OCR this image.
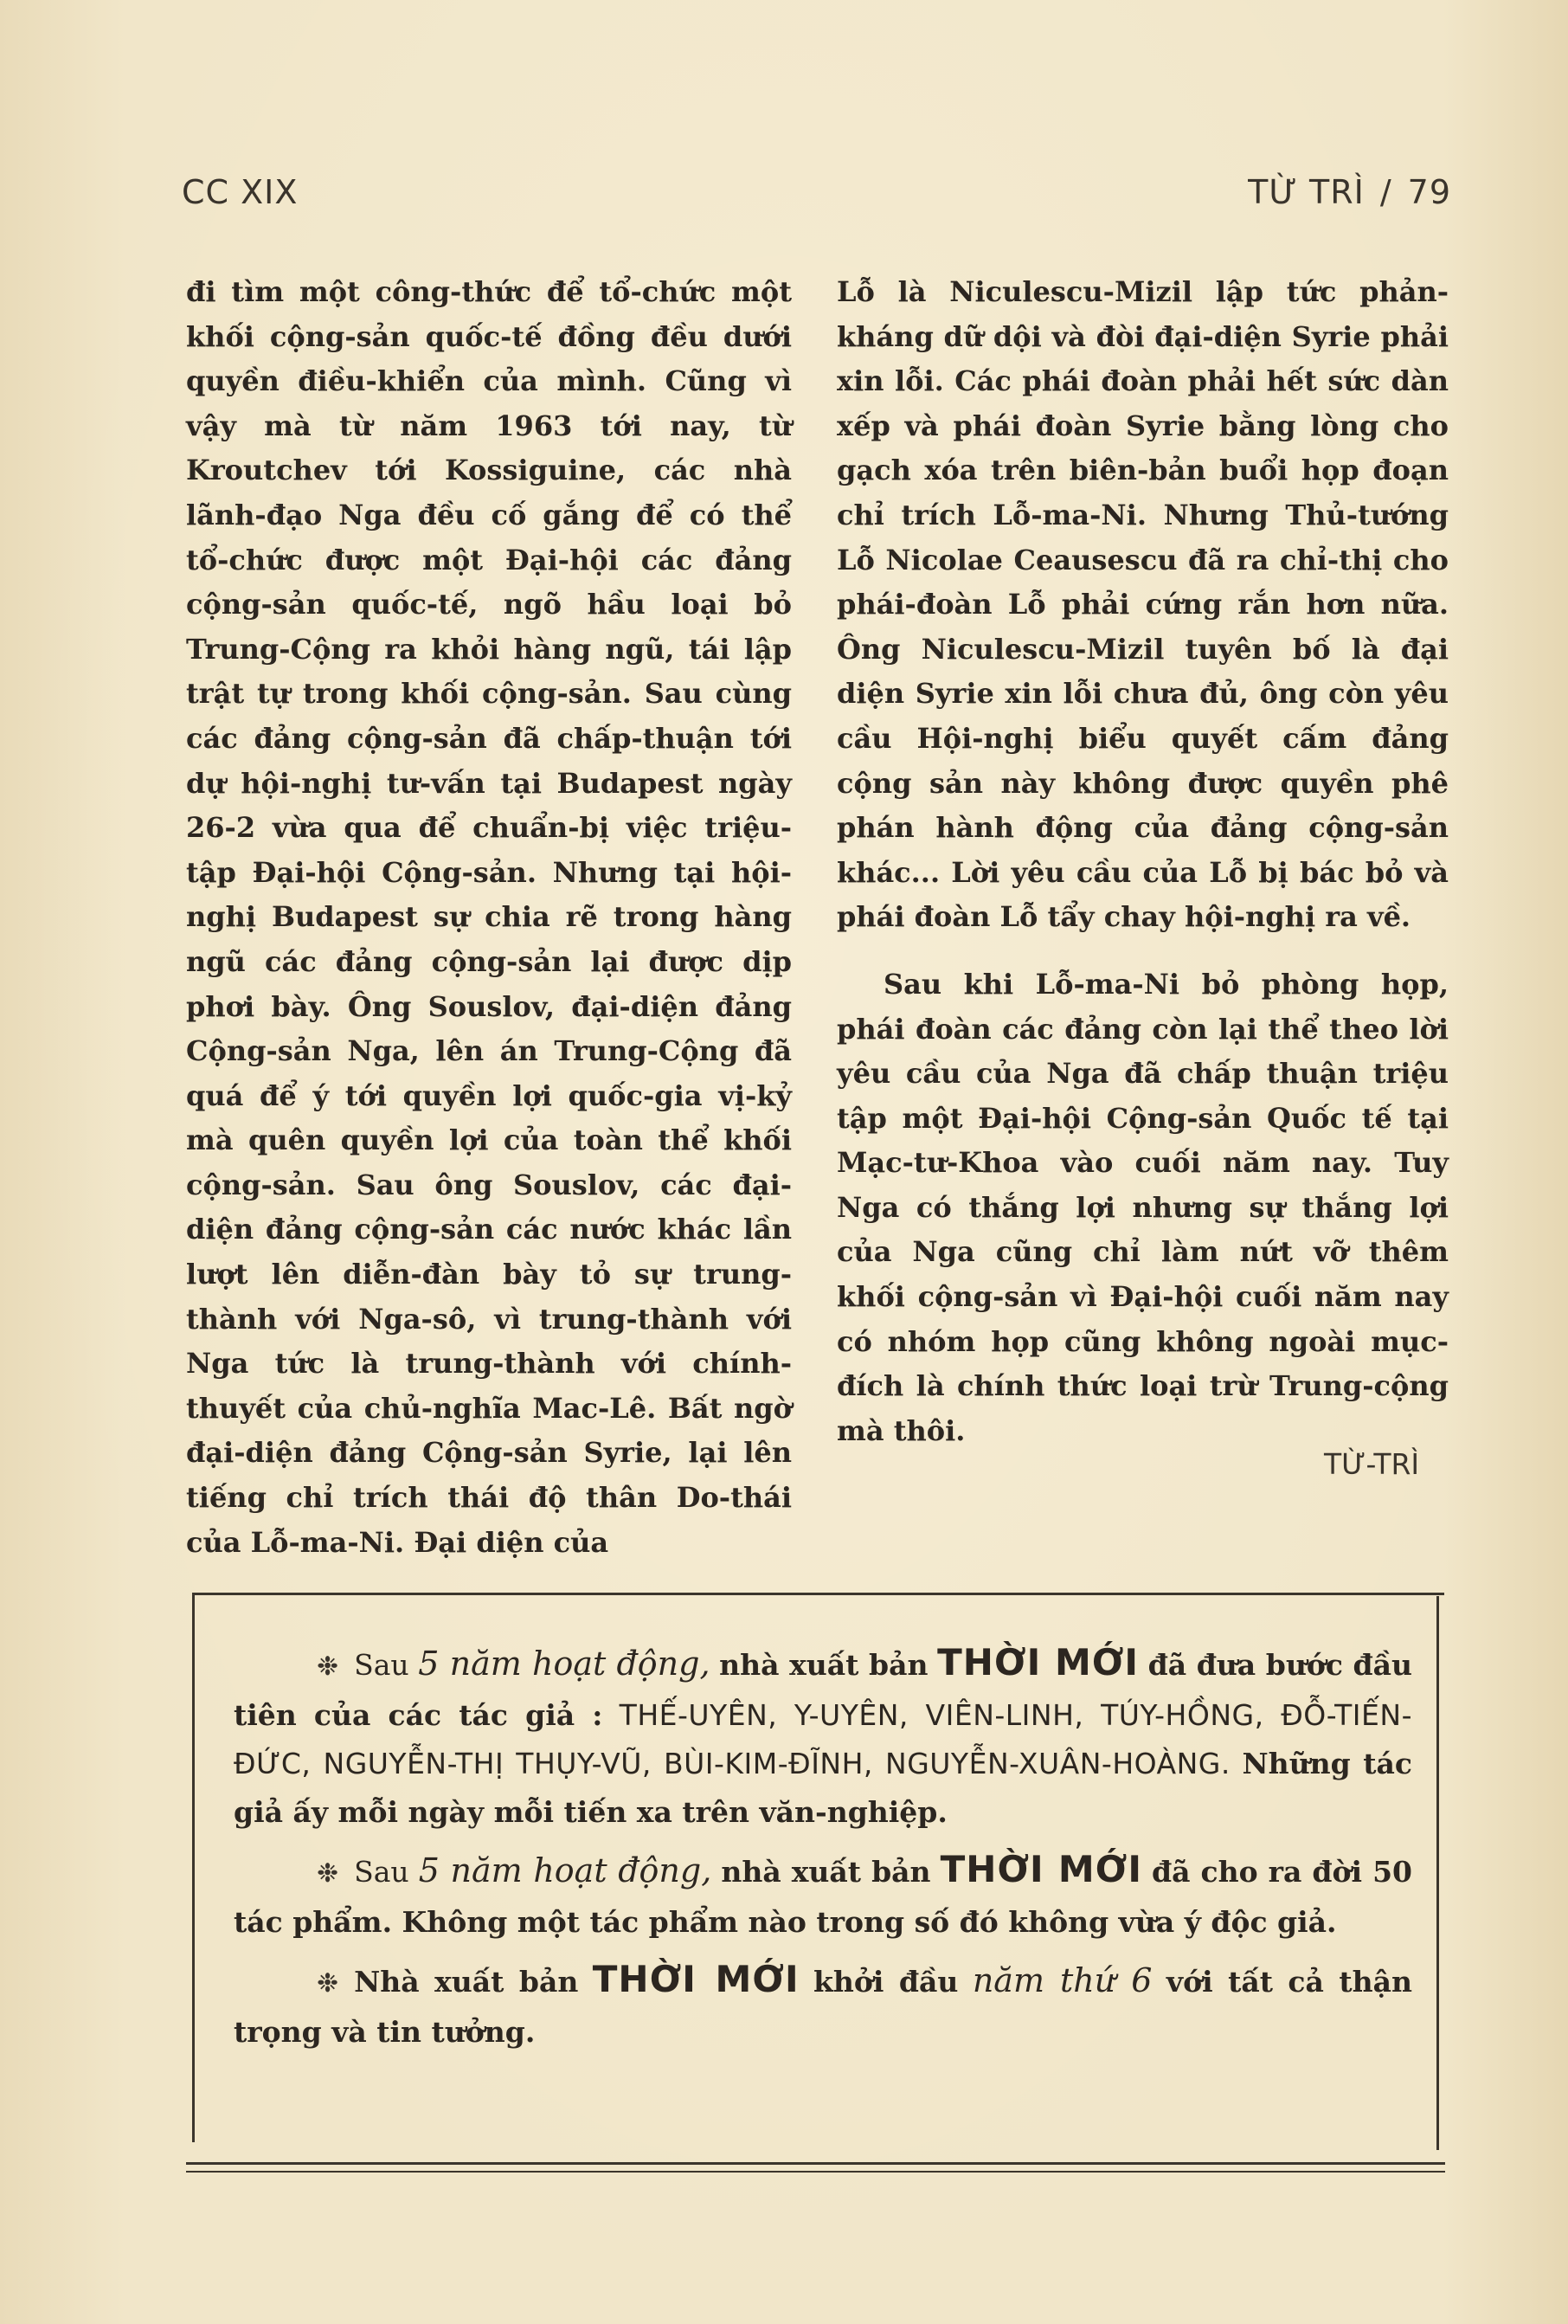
CC XIX	TỪ TRÌ / 79

đi tìm một công-thức để tổ-chức một khối cộng-sản quốc-tế đồng đều dưới quyền điều-khiển của mình. Cũng vì vậy mà từ năm 1963 tới nay, từ Kroutchev tới Kossiguine, các nhà lãnh-đạo Nga đều cố gắng để có thể tổ-chức được một Đại-hội các đảng cộng-sản quốc-tế, ngõ hầu loại bỏ Trung-Cộng ra khỏi hàng ngũ, tái lập trật tự trong khối cộng-sản. Sau cùng các đảng cộng-sản đã chấp-thuận tới dự hội-nghị tư-vấn tại Budapest ngày 26-2 vừa qua để chuẩn-bị việc triệu-tập Đại-hội Cộng-sản. Nhưng tại hội-nghị Budapest sự chia rẽ trong hàng ngũ các đảng cộng-sản lại được dịp phơi bày. Ông Souslov, đại-diện đảng Cộng-sản Nga, lên án Trung-Cộng đã quá để ý tới quyền lợi quốc-gia vị-kỷ mà quên quyền lợi của toàn thể khối cộng-sản. Sau ông Souslov, các đại-diện đảng cộng-sản các nước khác lần lượt lên diễn-đàn bày tỏ sự trung-thành với Nga-sô, vì trung-thành với Nga tức là trung-thành với chính-thuyết của chủ-nghĩa Mac-Lê. Bất ngờ đại-diện đảng Cộng-sản Syrie, lại lên tiếng chỉ trích thái độ thân Do-thái của Lỗ-ma-Ni. Đại diện của

Lỗ là Niculescu-Mizil lập tức phản-kháng dữ dội và đòi đại-diện Syrie phải xin lỗi. Các phái đoàn phải hết sức dàn xếp và phái đoàn Syrie bằng lòng cho gạch xóa trên biên-bản buổi họp đoạn chỉ trích Lỗ-ma-Ni. Nhưng Thủ-tướng Lỗ Nicolae Ceausescu đã ra chỉ-thị cho phái-đoàn Lỗ phải cứng rắn hơn nữa. Ông Niculescu-Mizil tuyên bố là đại diện Syrie xin lỗi chưa đủ, ông còn yêu cầu Hội-nghị biểu quyết cấm đảng cộng sản này không được quyền phê phán hành động của đảng cộng-sản khác... Lời yêu cầu của Lỗ bị bác bỏ và phái đoàn Lỗ tẩy chay hội-nghị ra về.

Sau khi Lỗ-ma-Ni bỏ phòng họp, phái đoàn các đảng còn lại thể theo lời yêu cầu của Nga đã chấp thuận triệu tập một Đại-hội Cộng-sản Quốc tế tại Mạc-tư-Khoa vào cuối năm nay. Tuy Nga có thắng lợi nhưng sự thắng lợi của Nga cũng chỉ làm nứt vỡ thêm khối cộng-sản vì Đại-hội cuối năm nay có nhóm họp cũng không ngoài mục-đích là chính thức loại trừ Trung-cộng mà thôi.

TỪ-TRÌ

❉ Sau 5 năm hoạt động, nhà xuất bản THỜI MỚI đã đưa bước đầu tiên của các tác giả : THẾ-UYÊN, Y-UYÊN, VIÊN-LINH, TÚY-HỒNG, ĐỖ-TIẾN-ĐỨC, NGUYỄN-THỊ THỤY-VŨ, BÙI-KIM-ĐĨNH, NGUYỄN-XUÂN-HOÀNG. Những tác giả ấy mỗi ngày mỗi tiến xa trên văn-nghiệp.

❉ Sau 5 năm hoạt động, nhà xuất bản THỜI MỚI đã cho ra đời 50 tác phẩm. Không một tác phẩm nào trong số đó không vừa ý độc giả.

❉ Nhà xuất bản THỜI MỚI khởi đầu năm thứ 6 với tất cả thận trọng và tin tưởng.
